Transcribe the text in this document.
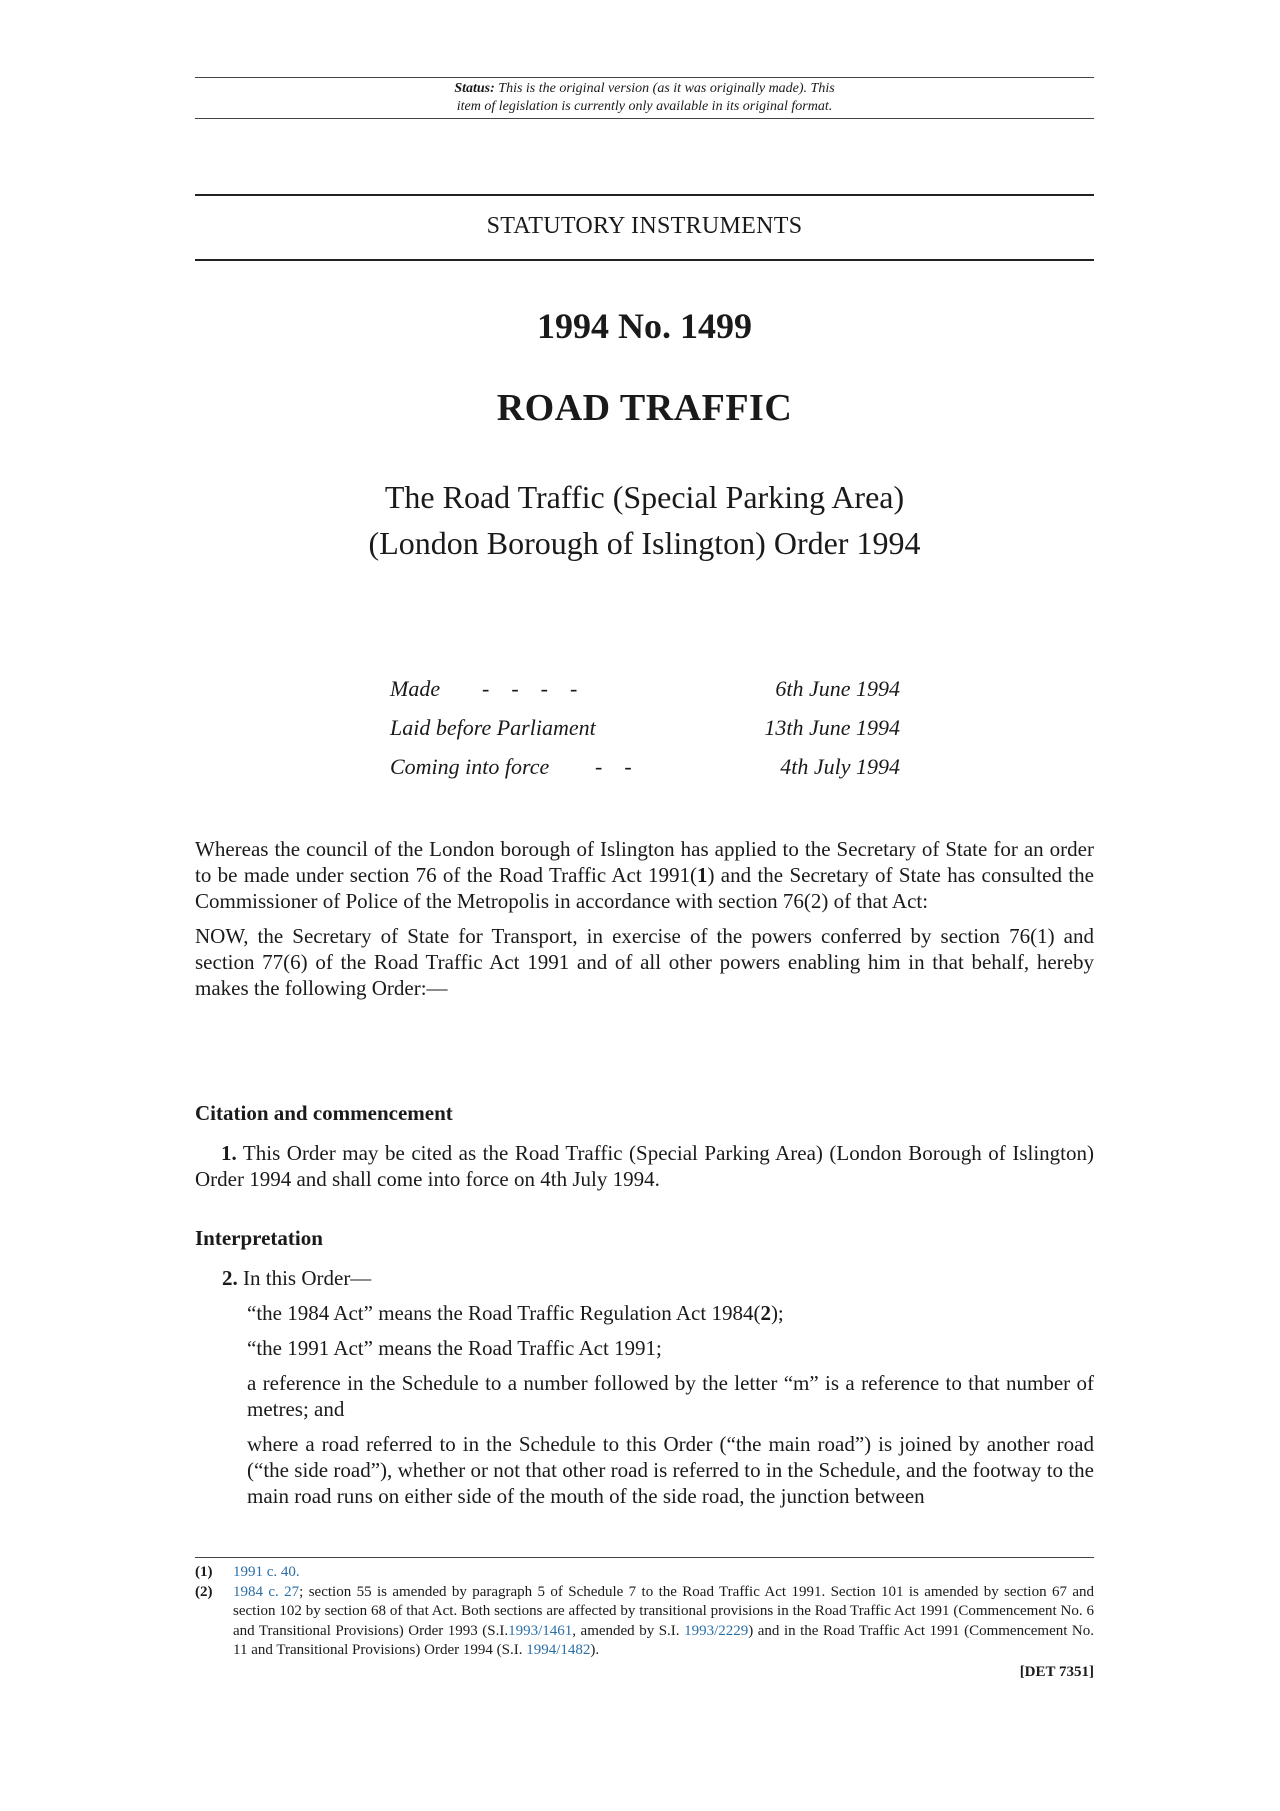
Status: This is the original version (as it was originally made). This
item of legislation is currently only available in its original format.
STATUTORY INSTRUMENTS
1994 No. 1499
ROAD TRAFFIC
The Road Traffic (Special Parking Area)
(London Borough of Islington) Order 1994
Made -    -    -    -	6th June 1994
Laid before Parliament	13th June 1994
Coming into force -    -	4th July 1994
Whereas the council of the London borough of Islington has applied to the Secretary of State for an order to be made under section 76 of the Road Traffic Act 1991(1) and the Secretary of State has consulted the Commissioner of Police of the Metropolis in accordance with section 76(2) of that Act:
NOW, the Secretary of State for Transport, in exercise of the powers conferred by section 76(1) and section 77(6) of the Road Traffic Act 1991 and of all other powers enabling him in that behalf, hereby makes the following Order:—
Citation and commencement
1. This Order may be cited as the Road Traffic (Special Parking Area) (London Borough of Islington) Order 1994 and shall come into force on 4th July 1994.
Interpretation
2. In this Order—
“the 1984 Act” means the Road Traffic Regulation Act 1984(2);
“the 1991 Act” means the Road Traffic Act 1991;
a reference in the Schedule to a number followed by the letter “m” is a reference to that number of metres; and
where a road referred to in the Schedule to this Order (“the main road”) is joined by another road (“the side road”), whether or not that other road is referred to in the Schedule, and the footway to the main road runs on either side of the mouth of the side road, the junction between
(1) 1991 c. 40.
(2) 1984 c. 27; section 55 is amended by paragraph 5 of Schedule 7 to the Road Traffic Act 1991. Section 101 is amended by section 67 and section 102 by section 68 of that Act. Both sections are affected by transitional provisions in the Road Traffic Act 1991 (Commencement No. 6 and Transitional Provisions) Order 1993 (S.I.1993/1461, amended by S.I. 1993/2229) and in the Road Traffic Act 1991 (Commencement No. 11 and Transitional Provisions) Order 1994 (S.I. 1994/1482).
[DET 7351]
